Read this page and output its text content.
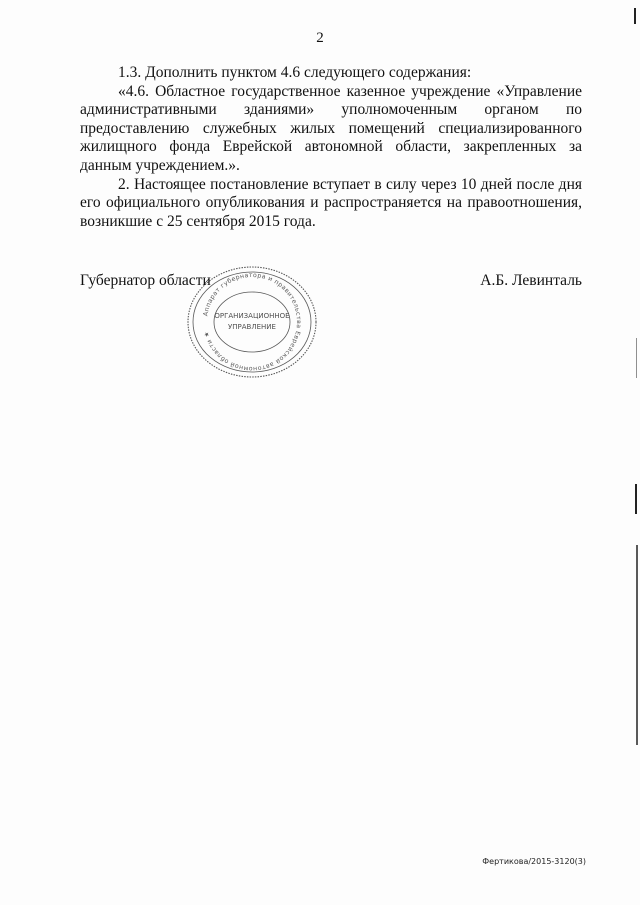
2

1.3. Дополнить пунктом 4.6 следующего содержания:

«4.6. Областное государственное казенное учреждение «Управление административными зданиями» уполномоченным органом по предоставлению служебных жилых помещений специализированного жилищного фонда Еврейской автономной области, закрепленных за данным учреждением.».

2. Настоящее постановление вступает в силу через 10 дней после дня его официального опубликования и распространяется на правоотношения, возникшие с 25 сентября 2015 года.

Губернатор области	А.Б. Левинталь
Аппарат губернатора и правительства Еврейской автономной области ★
ОРГАНИЗАЦИОННОЕ
УПРАВЛЕНИЕ
Фертикова/2015-3120(3)
